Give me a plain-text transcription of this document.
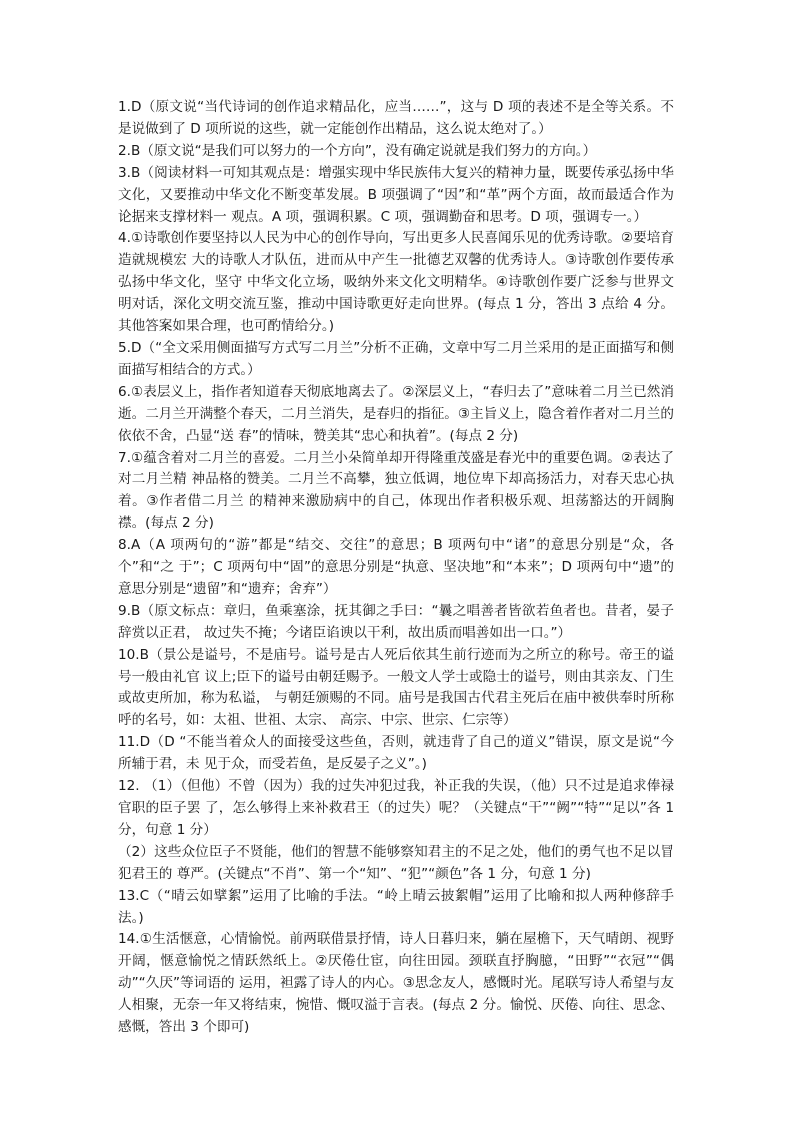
1.D（原文说“当代诗词的创作追求精品化，应当……”，这与 D 项的表述不是全等关系。不是说做到了 D 项所说的这些，就一定能创作出精品，这么说太绝对了。）

2.B（原文说“是我们可以努力的一个方向”，没有确定说就是我们努力的方向。）

3.B（阅读材料一可知其观点是：增强实现中华民族伟大复兴的精神力量，既要传承弘扬中华文化，又要推动中华文化不断变革发展。B 项强调了“因”和“革”两个方面，故而最适合作为论据来支撑材料一 观点。A 项，强调积累。C 项，强调勤奋和思考。D 项，强调专一。）

4.①诗歌创作要坚持以人民为中心的创作导向，写出更多人民喜闻乐见的优秀诗歌。②要培育造就规模宏 大的诗歌人才队伍，进而从中产生一批德艺双馨的优秀诗人。③诗歌创作要传承弘扬中华文化，坚守 中华文化立场，吸纳外来文化文明精华。④诗歌创作要广泛参与世界文明对话，深化文明交流互鉴，推动中国诗歌更好走向世界。(每点 1 分，答出 3 点给 4 分。其他答案如果合理，也可酌情给分。)

5.D（“全文采用侧面描写方式写二月兰”分析不正确，文章中写二月兰采用的是正面描写和侧面描写相结合的方式。）

6.①表层义上，指作者知道春天彻底地离去了。②深层义上，“春归去了”意味着二月兰已然消逝。二月兰开满整个春天，二月兰消失，是春归的指征。③主旨义上，隐含着作者对二月兰的依依不舍，凸显“送 春”的情味，赞美其“忠心和执着”。(每点 2 分)

7.①蕴含着对二月兰的喜爱。二月兰小朵简单却开得隆重茂盛是春光中的重要色调。②表达了对二月兰精 神品格的赞美。二月兰不高攀，独立低调，地位卑下却高扬活力，对春天忠心执着。③作者借二月兰 的精神来激励病中的自己，体现出作者积极乐观、坦荡豁达的开阔胸襟。(每点 2 分)

8.A（A 项两句的“游”都是“结交、交往”的意思；B 项两句中“诸”的意思分别是“众，各个”和“之 于”；C 项两句中“固”的意思分别是“执意、坚决地”和“本来”；D 项两句中“遗”的意思分别是“遗留”和“遗弃；舍弃”）

9.B（原文标点：章归，鱼乘塞涂，抚其御之手曰：“曩之唱善者皆欲若鱼者也。昔者，晏子辞赏以正君， 故过失不掩；今诸臣谄谀以干利，故出质而唱善如出一口。”）

10.B（景公是谥号，不是庙号。谥号是古人死后依其生前行迹而为之所立的称号。帝王的谥号一般由礼官 议上;臣下的谥号由朝廷赐予。一般文人学士或隐士的谥号，则由其亲友、门生或故吏所加，称为私谥， 与朝廷颁赐的不同。庙号是我国古代君主死后在庙中被供奉时所称呼的名号，如：太祖、世祖、太宗、 高宗、中宗、世宗、仁宗等）

11.D（D “不能当着众人的面接受这些鱼，否则，就违背了自己的道义”错误，原文是说“今所辅于君，未 见于众，而受若鱼，是反晏子之义”。)

12. （1）（但他）不曾（因为）我的过失冲犯过我，补正我的失误，（他）只不过是追求俸禄官职的臣子罢 了，怎么够得上来补救君王（的过失）呢？（关键点“干”“阙”“特”“足以”各 1 分，句意 1 分）

（2）这些众位臣子不贤能，他们的智慧不能够察知君主的不足之处，他们的勇气也不足以冒犯君王的 尊严。(关键点“不肖”、第一个“知”、“犯”“颜色”各 1 分，句意 1 分)

13.C（“晴云如擘絮”运用了比喻的手法。“岭上晴云披絮帽”运用了比喻和拟人两种修辞手法。)

14.①生活惬意，心情愉悦。前两联借景抒情，诗人日暮归来，躺在屋檐下，天气晴朗、视野开阔，惬意愉悦之情跃然纸上。②厌倦仕宦，向往田园。颈联直抒胸臆，“田野”“衣冠”“偶动”“久厌”等词语的 运用，袒露了诗人的内心。③思念友人，感慨时光。尾联写诗人希望与友人相聚，无奈一年又将结束，惋惜、慨叹溢于言表。(每点 2 分。愉悦、厌倦、向往、思念、感慨，答出 3 个即可)
